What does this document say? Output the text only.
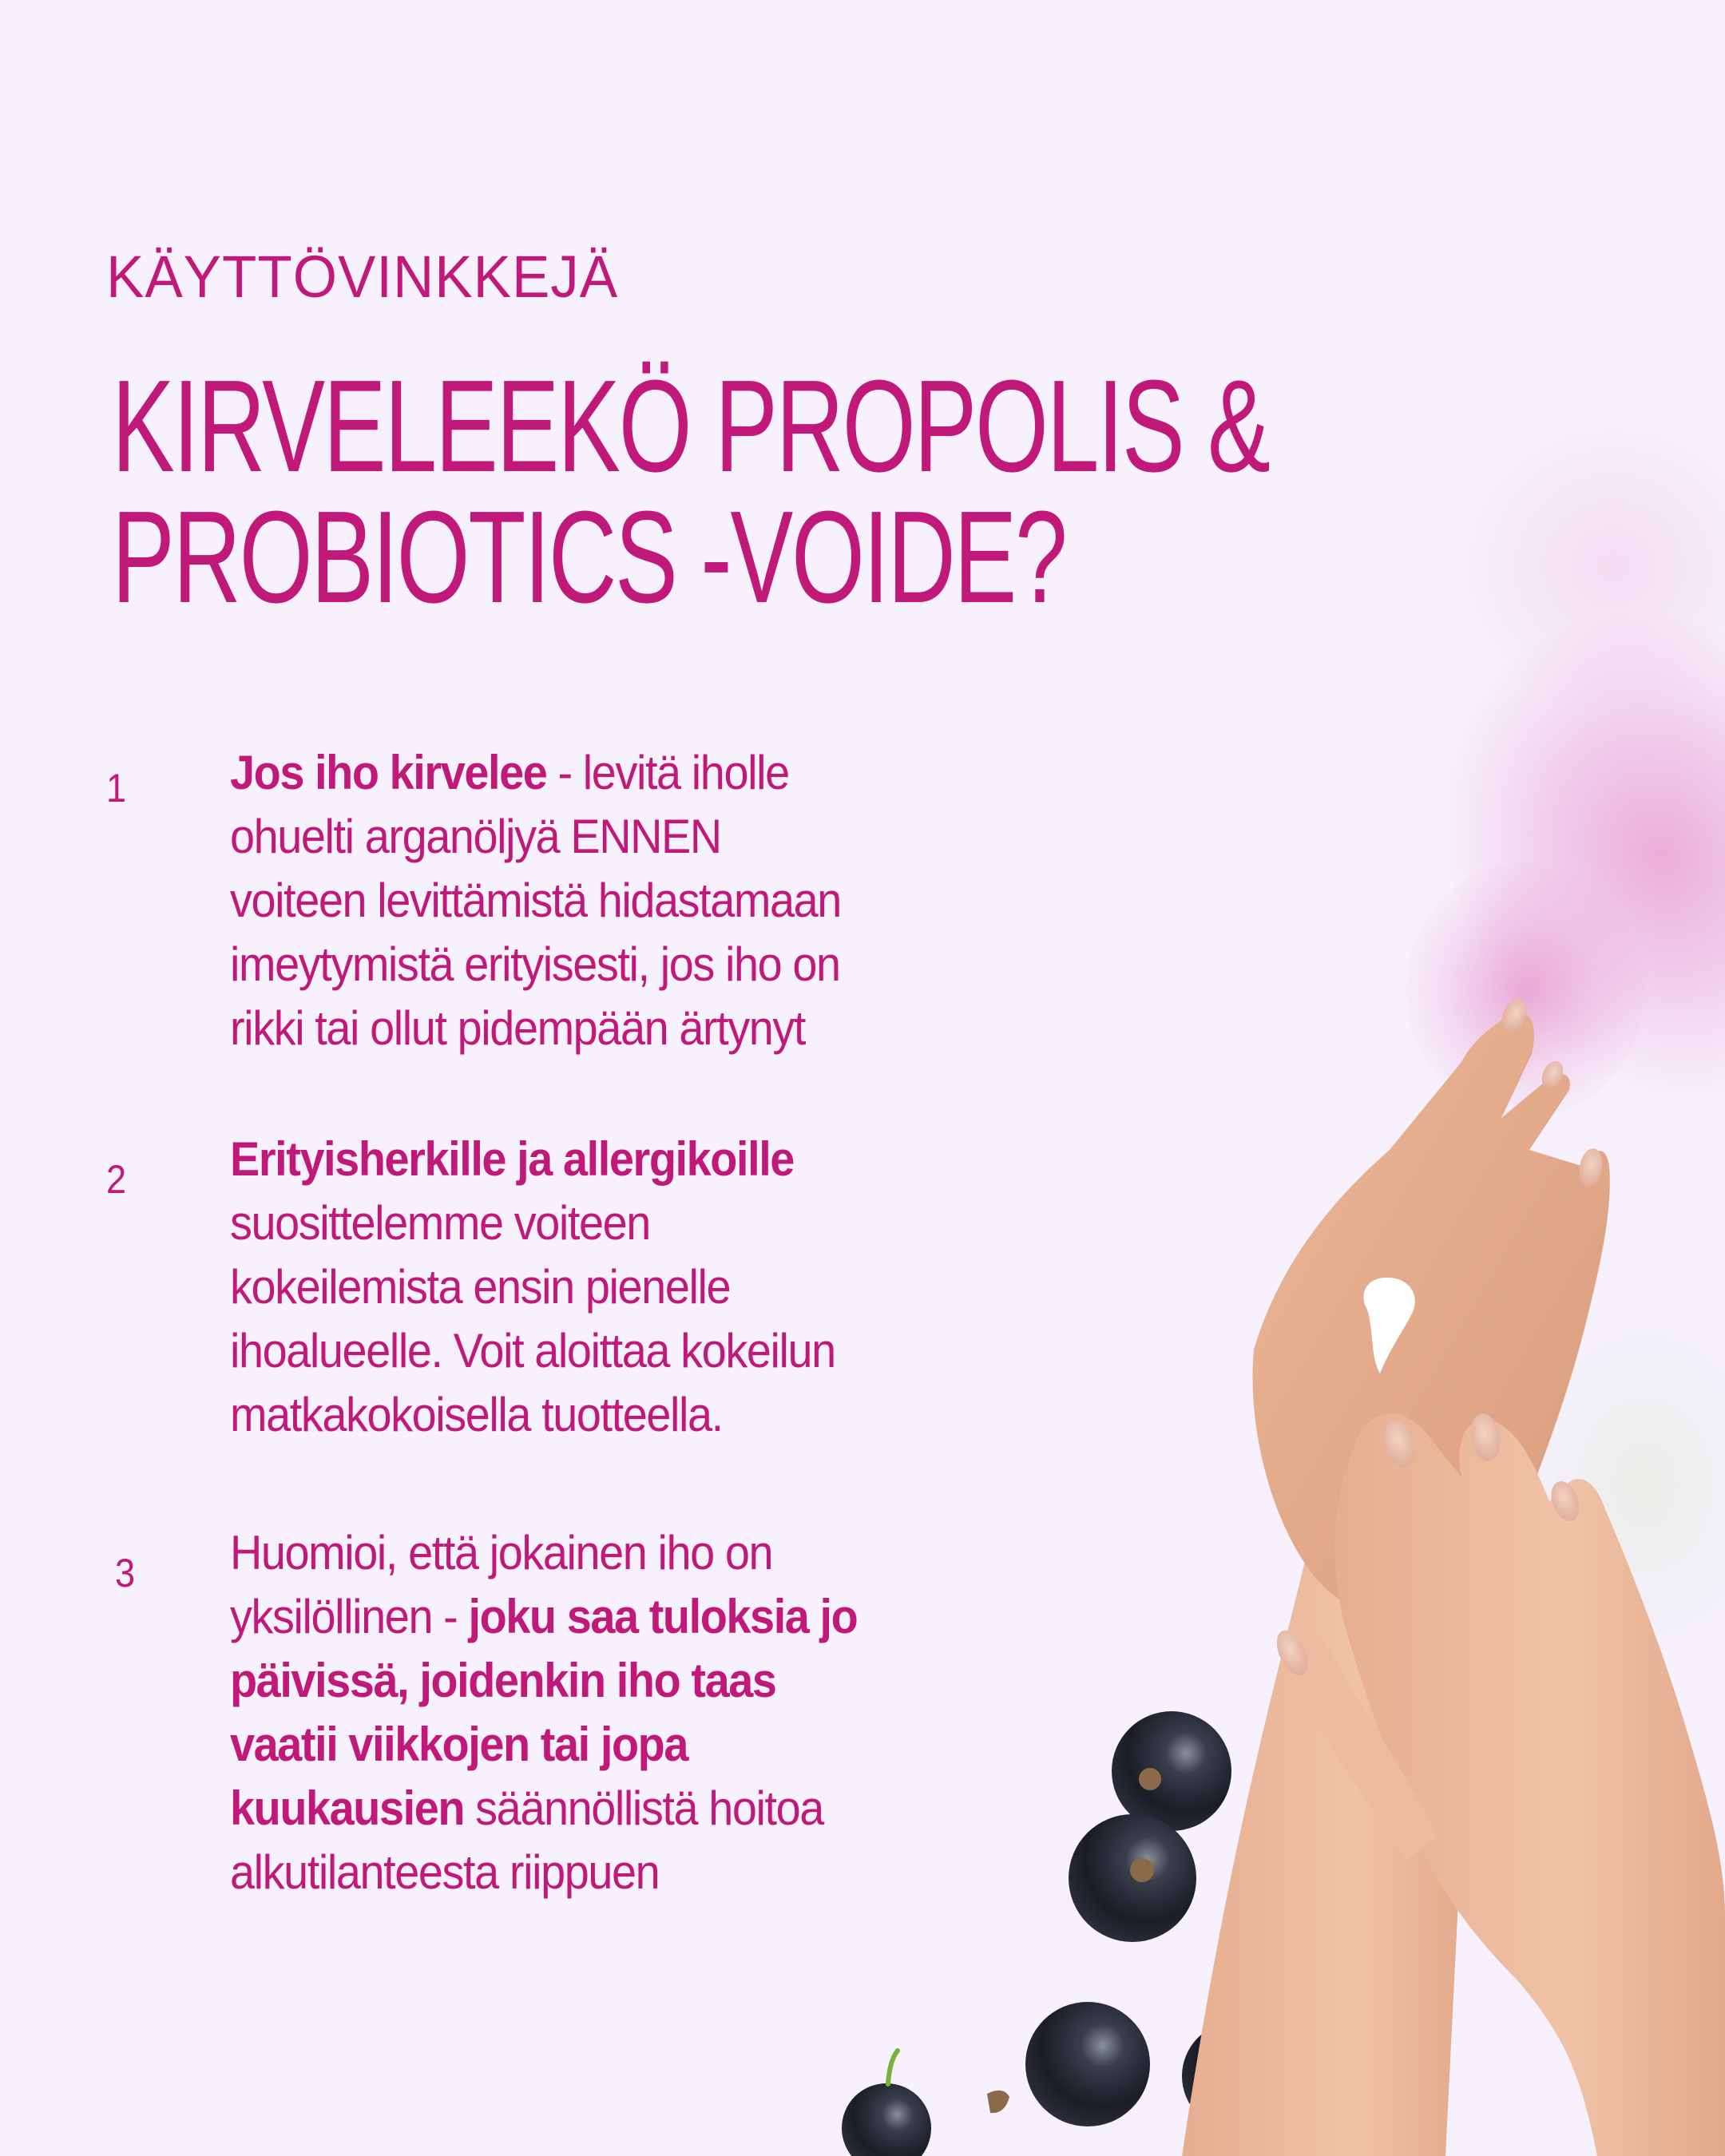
KÄYTTÖVINKKEJÄ

KIRVELEEKÖ PROPOLIS &
PROBIOTICS -VOIDE?
1 Jos iho kirvelee - levitä iholle
ohuelti arganöljyä ENNEN
voiteen levittämistä hidastamaan
imeytymistä erityisesti, jos iho on
rikki tai ollut pidempään ärtynyt

2 Erityisherkille ja allergikoille
suosittelemme voiteen
kokeilemista ensin pienelle
ihoalueelle. Voit aloittaa kokeilun
matkakokoisella tuotteella.

3 Huomioi, että jokainen iho on
yksilöllinen - joku saa tuloksia jo
päivissä, joidenkin iho taas
vaatii viikkojen tai jopa
kuukausien säännöllistä hoitoa
alkutilanteesta riippuen
